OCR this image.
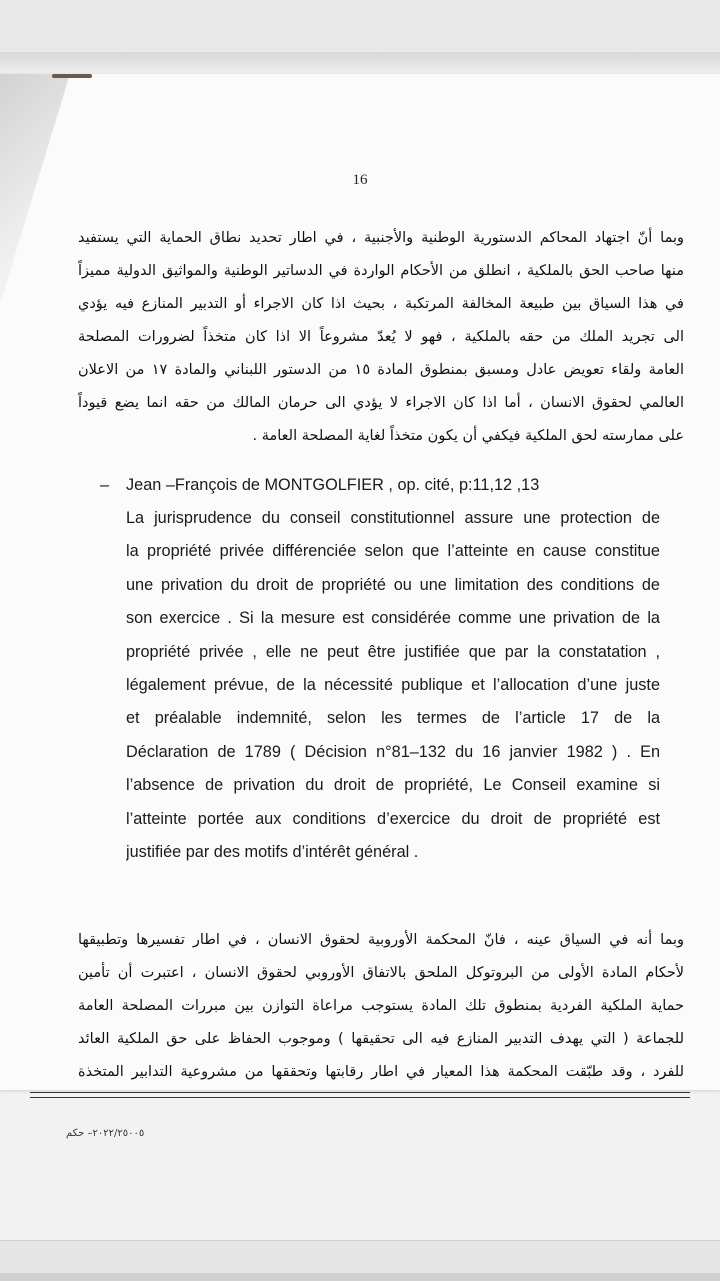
16
وبما أنّ اجتهاد المحاكم الدستورية الوطنية والأجنبية ، في اطار تحديد نطاق الحماية التي يستفيد
منها صاحب الحق بالملكية ، انطلق من الأحكام الواردة في الدساتير الوطنية والمواثيق الدولية مميزاً
في هذا السياق بين طبيعة المخالفة المرتكبة ، بحيث اذا كان الاجراء أو التدبير المنازع فيه يؤدي
الى تجريد الملك من حقه بالملكية ، فهو لا يُعدّ مشروعاً الا اذا كان متخذاً لضرورات المصلحة
العامة ولقاء تعويض عادل ومسبق بمنطوق المادة ١٥ من الدستور اللبناني والمادة ١٧ من الاعلان
العالمي لحقوق الانسان ، أما اذا كان الاجراء لا يؤدي الى حرمان المالك من حقه انما يضع قيوداً
على ممارسته لحق الملكية فيكفي أن يكون متخذاً لغاية المصلحة العامة .
– Jean –François de MONTGOLFIER , op. cité, p:11,12 ,13
La jurisprudence du conseil constitutionnel assure une protection de
la propriété privée différenciée selon que l’atteinte en cause constitue
une privation du droit de propriété ou une limitation des conditions de
son exercice . Si la mesure est considérée comme une privation de la
propriété privée , elle ne peut être justifiée que par la constatation ,
légalement prévue, de la nécessité publique et l’allocation d’une juste
et préalable indemnité, selon les termes de l’article 17 de la
Déclaration de 1789 ( Décision n°81–132 du 16 janvier 1982 ) . En
l’absence de privation du droit de propriété, Le Conseil examine si
l’atteinte portée aux conditions d’exercice du droit de propriété est
justifiée par des motifs d’intérêt général .
وبما أنه في السياق عينه ، فانّ المحكمة الأوروبية لحقوق الانسان ، في اطار تفسيرها وتطبيقها
لأحكام المادة الأولى من البروتوكل الملحق بالاتفاق الأوروبي لحقوق الانسان ، اعتبرت أن تأمين
حماية الملكية الفردية بمنطوق تلك المادة يستوجب مراعاة التوازن بين مبررات المصلحة العامة
للجماعة ( التي يهدف التدبير المنازع فيه الى تحقيقها ) وموجوب الحفاظ على حق الملكية العائد
للفرد ، وقد طبّقت المحكمة هذا المعيار في اطار رقابتها وتحققها من مشروعية التدابير المتخذة
٢٠٢٢/٢٥٠٠٥– حكم
